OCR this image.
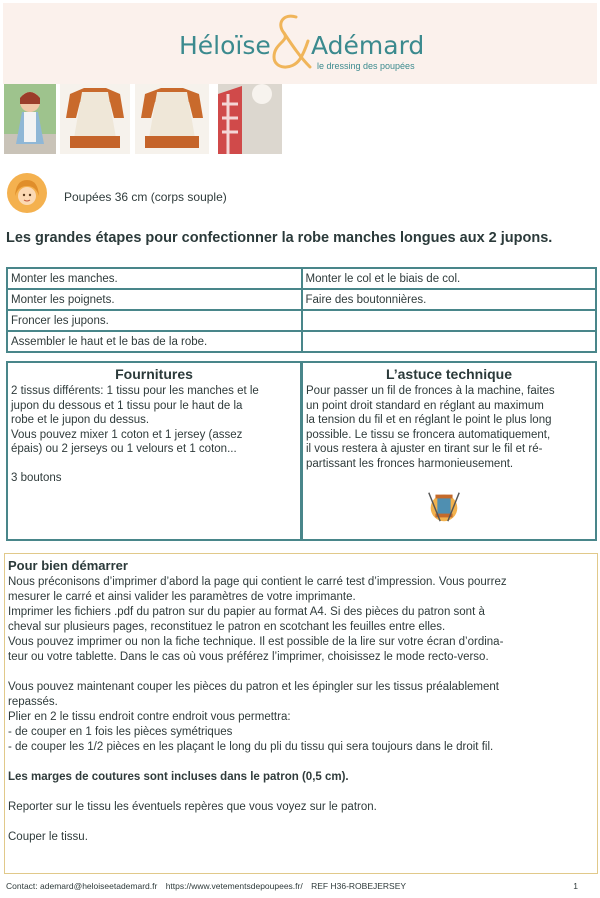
Héloïse Adémard
le dressing des poupées
Poupées 36 cm (corps souple)
Les grandes étapes pour confectionner la robe manches longues aux 2 jupons.
Monter les manches.	Monter le col et le biais de col.
Monter les poignets.	Faire des boutonnières.
Froncer les jupons.	
Assembler le haut et le bas de la robe.	
Fournitures
2 tissus différents: 1 tissu pour les manches et le
jupon du dessous et 1 tissu pour le haut de la
robe et le jupon du dessus.
Vous pouvez mixer 1 coton et 1 jersey (assez
épais) ou 2 jerseys ou 1 velours et 1 coton...

3 boutons
L’astuce technique
Pour passer un fil de fronces à la machine, faites
un point droit standard en réglant au maximum
la tension du fil et en réglant le point le plus long
possible. Le tissu se froncera automatiquement,
il vous restera à ajuster en tirant sur le fil et ré-
partissant les fronces harmonieusement.
Pour bien démarrer

Nous préconisons d’imprimer d’abord la page qui contient le carré test d’impression. Vous pourrez

mesurer le carré et ainsi valider les paramètres de votre imprimante.

Imprimer les fichiers .pdf du patron sur du papier au format A4. Si des pièces du patron sont à

cheval sur plusieurs pages, reconstituez le patron en scotchant les feuilles entre elles.

Vous pouvez imprimer ou non la fiche technique. Il est possible de la lire sur votre écran d’ordina-

teur ou votre tablette. Dans le cas où vous préférez l’imprimer, choisissez le mode recto-verso.

Vous pouvez maintenant couper les pièces du patron et les épingler sur les tissus préalablement

repassés.

Plier en 2 le tissu endroit contre endroit vous permettra:

- de couper en 1 fois les pièces symétriques

- de couper les 1/2 pièces en les plaçant le long du pli du tissu qui sera toujours dans le droit fil.

Les marges de coutures sont incluses dans le patron (0,5 cm).

Reporter sur le tissu les éventuels repères que vous voyez sur le patron.

Couper le tissu.

Contact: ademard@heloiseetademard.fr https://www.vetementsdepoupees.fr/ REF H36-ROBEJERSEY	1
